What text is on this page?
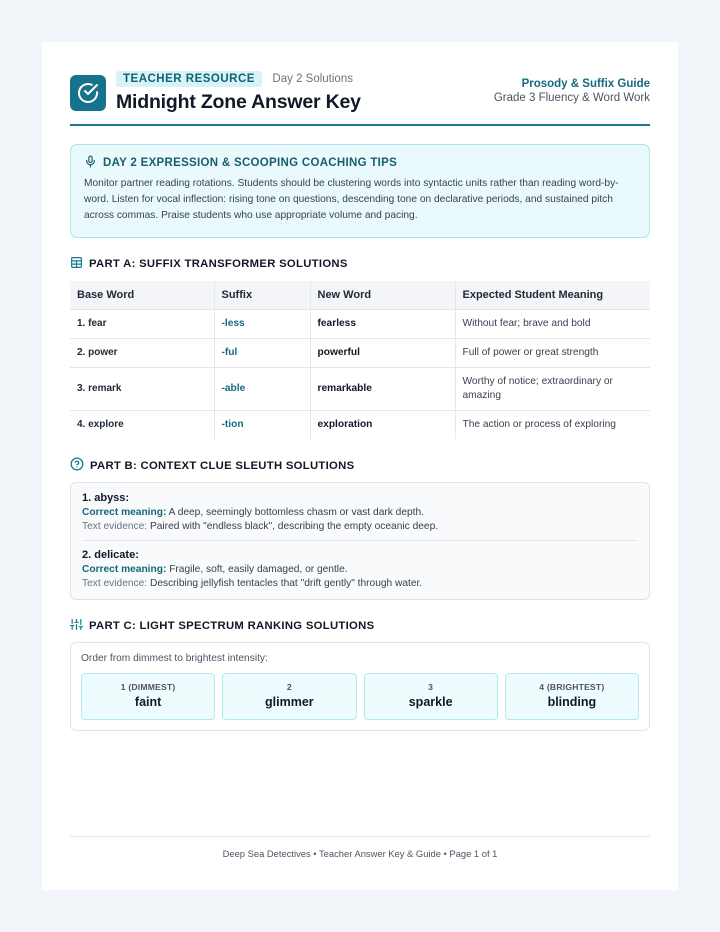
TEACHER RESOURCE Day 2 Solutions
Midnight Zone Answer Key
Prosody & Suffix Guide
Grade 3 Fluency & Word Work
DAY 2 EXPRESSION & SCOOPING COACHING TIPS
Monitor partner reading rotations. Students should be clustering words into syntactic units rather than reading word-by-word. Listen for vocal inflection: rising tone on questions, descending tone on declarative periods, and sustained pitch across commas. Praise students who use appropriate volume and pacing.
PART A: SUFFIX TRANSFORMER SOLUTIONS
Base Word	Suffix	New Word	Expected Student Meaning
1. fear	-less	fearless	Without fear; brave and bold
2. power	-ful	powerful	Full of power or great strength
3. remark	-able	remarkable	Worthy of notice; extraordinary or amazing
4. explore	-tion	exploration	The action or process of exploring
PART B: CONTEXT CLUE SLEUTH SOLUTIONS
1. abyss:
Correct meaning: A deep, seemingly bottomless chasm or vast dark depth.
Text evidence: Paired with "endless black", describing the empty oceanic deep.
2. delicate:
Correct meaning: Fragile, soft, easily damaged, or gentle.
Text evidence: Describing jellyfish tentacles that "drift gently" through water.
PART C: LIGHT SPECTRUM RANKING SOLUTIONS
Order from dimmest to brightest intensity:
1 (DIMMEST)
faint
2
glimmer
3
sparkle
4 (BRIGHTEST)
blinding
Deep Sea Detectives • Teacher Answer Key & Guide • Page 1 of 1
